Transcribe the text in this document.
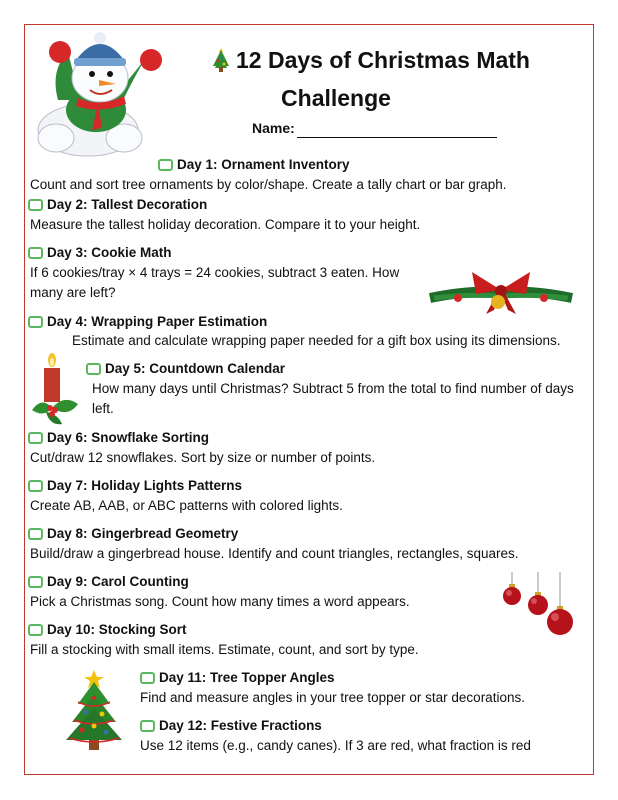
12 Days of Christmas Math
Challenge
Name:
Day 1: Ornament Inventory
Count and sort tree ornaments by color/shape. Create a tally chart or bar graph.
Day 2: Tallest Decoration
Measure the tallest holiday decoration. Compare it to your height.
Day 3: Cookie Math
If 6 cookies/tray × 4 trays = 24 cookies, subtract 3 eaten. How
many are left?
Day 4: Wrapping Paper Estimation
Estimate and calculate wrapping paper needed for a gift box using its dimensions.
Day 5: Countdown Calendar
How many days until Christmas? Subtract 5 from the total to find number of days
left.
Day 6: Snowflake Sorting
Cut/draw 12 snowflakes. Sort by size or number of points.
Day 7: Holiday Lights Patterns
Create AB, AAB, or ABC patterns with colored lights.
Day 8: Gingerbread Geometry
Build/draw a gingerbread house. Identify and count triangles, rectangles, squares.
Day 9: Carol Counting
Pick a Christmas song. Count how many times a word appears.
Day 10: Stocking Sort
Fill a stocking with small items. Estimate, count, and sort by type.
Day 11: Tree Topper Angles
Find and measure angles in your tree topper or star decorations.
Day 12: Festive Fractions
Use 12 items (e.g., candy canes). If 3 are red, what fraction is red
